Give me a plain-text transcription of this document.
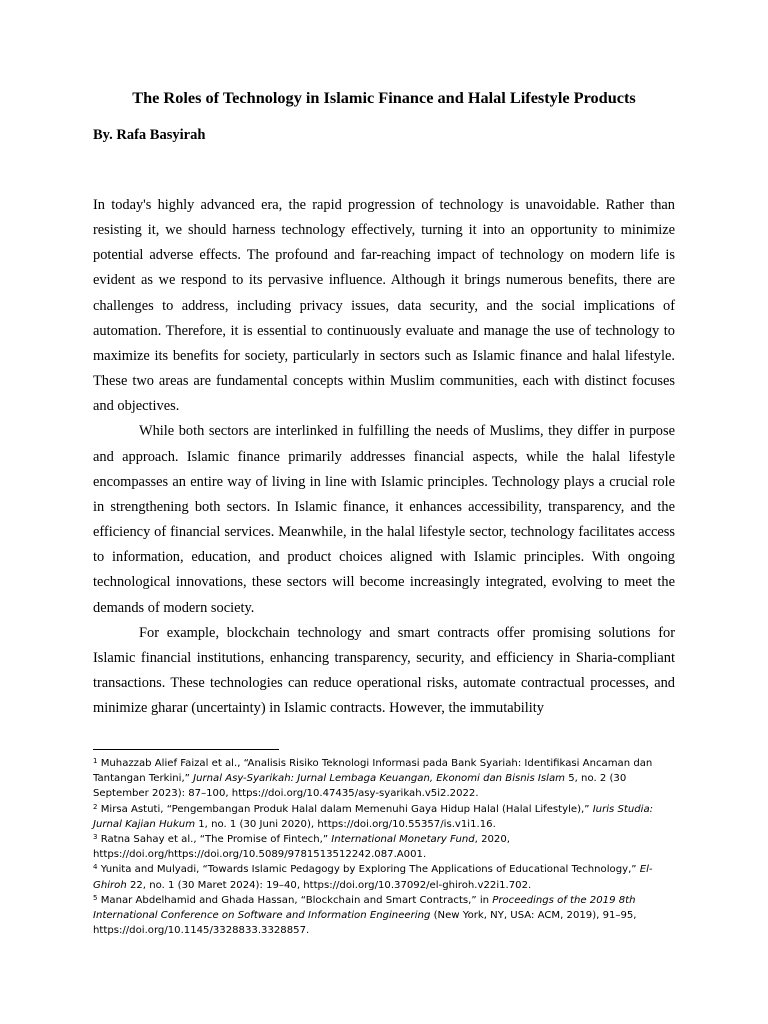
The Roles of Technology in Islamic Finance and Halal Lifestyle Products

By. Rafa Basyirah

In today's highly advanced era, the rapid progression of technology is unavoidable. Rather than resisting it, we should harness technology effectively, turning it into an opportunity to minimize potential adverse effects. The profound and far-reaching impact of technology on modern life is evident as we respond to its pervasive influence. Although it brings numerous benefits, there are challenges to address, including privacy issues, data security, and the social implications of automation. Therefore, it is essential to continuously evaluate and manage the use of technology to maximize its benefits for society, particularly in sectors such as Islamic finance and halal lifestyle. These two areas are fundamental concepts within Muslim communities, each with distinct focuses and objectives.

While both sectors are interlinked in fulfilling the needs of Muslims, they differ in purpose and approach. Islamic finance primarily addresses financial aspects, while the halal lifestyle encompasses an entire way of living in line with Islamic principles. Technology plays a crucial role in strengthening both sectors. In Islamic finance, it enhances accessibility, transparency, and the efficiency of financial services. Meanwhile, in the halal lifestyle sector, technology facilitates access to information, education, and product choices aligned with Islamic principles. With ongoing technological innovations, these sectors will become increasingly integrated, evolving to meet the demands of modern society.

For example, blockchain technology and smart contracts offer promising solutions for Islamic financial institutions, enhancing transparency, security, and efficiency in Sharia-compliant transactions. These technologies can reduce operational risks, automate contractual processes, and minimize gharar (uncertainty) in Islamic contracts. However, the immutability

$^1$ Muhazzab Alief Faizal et al., “Analisis Risiko Teknologi Informasi pada Bank Syariah: Identifikasi Ancaman dan Tantangan Terkini,” Jurnal Asy-Syarikah: Jurnal Lembaga Keuangan, Ekonomi dan Bisnis Islam 5, no. 2 (30 September 2023): 87–100, https://doi.org/10.47435/asy-syarikah.v5i2.2022.

$^2$ Mirsa Astuti, “Pengembangan Produk Halal dalam Memenuhi Gaya Hidup Halal (Halal Lifestyle),” Iuris Studia: Jurnal Kajian Hukum 1, no. 1 (30 Juni 2020), https://doi.org/10.55357/is.v1i1.16.

$^3$ Ratna Sahay et al., “The Promise of Fintech,” International Monetary Fund, 2020, https://doi.org/https://doi.org/10.5089/9781513512242.087.A001.

$^4$ Yunita and Mulyadi, “Towards Islamic Pedagogy by Exploring The Applications of Educational Technology,” El-Ghiroh 22, no. 1 (30 Maret 2024): 19–40, https://doi.org/10.37092/el-ghiroh.v22i1.702.

$^5$ Manar Abdelhamid and Ghada Hassan, “Blockchain and Smart Contracts,” in Proceedings of the 2019 8th International Conference on Software and Information Engineering (New York, NY, USA: ACM, 2019), 91–95, https://doi.org/10.1145/3328833.3328857.
